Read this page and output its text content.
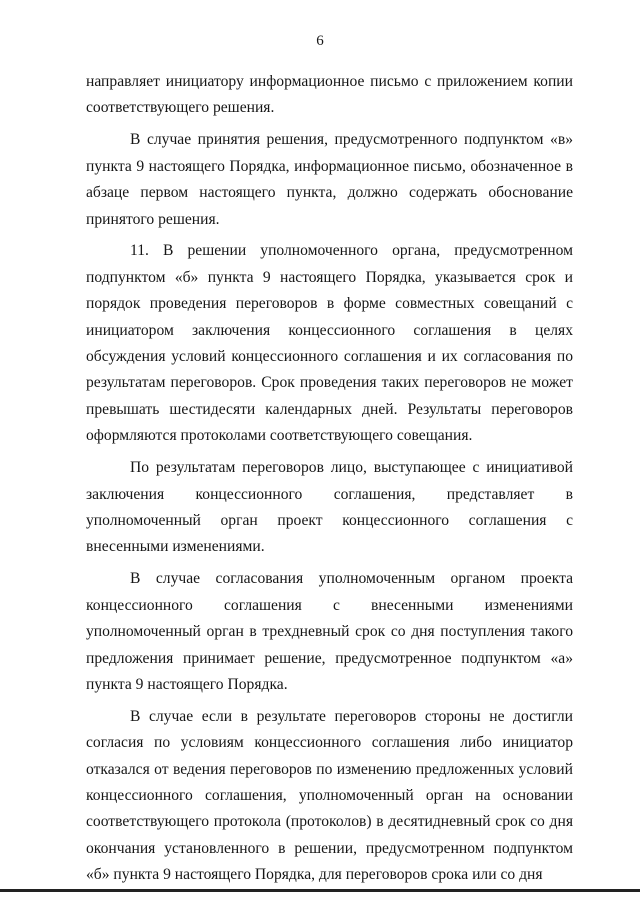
6

направляет инициатору информационное письмо с приложением копии соответствующего решения.

В случае принятия решения, предусмотренного подпунктом «в» пункта 9 настоящего Порядка, информационное письмо, обозначенное в абзаце первом настоящего пункта, должно содержать обоснование принятого решения.

11. В решении уполномоченного органа, предусмотренном подпунктом «б» пункта 9 настоящего Порядка, указывается срок и порядок проведения переговоров в форме совместных совещаний с инициатором заключения концессионного соглашения в целях обсуждения условий концессионного соглашения и их согласования по результатам переговоров. Срок проведения таких переговоров не может превышать шестидесяти календарных дней. Результаты переговоров оформляются протоколами соответствующего совещания.

По результатам переговоров лицо, выступающее с инициативой заключения концессионного соглашения, представляет в уполномоченный орган проект концессионного соглашения с внесенными изменениями.

В случае согласования уполномоченным органом проекта концессионного соглашения с внесенными изменениями уполномоченный орган в трехдневный срок со дня поступления такого предложения принимает решение, предусмотренное подпунктом «а» пункта 9 настоящего Порядка.

В случае если в результате переговоров стороны не достигли согласия по условиям концессионного соглашения либо инициатор отказался от ведения переговоров по изменению предложенных условий концессионного соглашения, уполномоченный орган на основании соответствующего протокола (протоколов) в десятидневный срок со дня окончания установленного в решении, предусмотренном подпунктом «б» пункта 9 настоящего Порядка, для переговоров срока или со дня
